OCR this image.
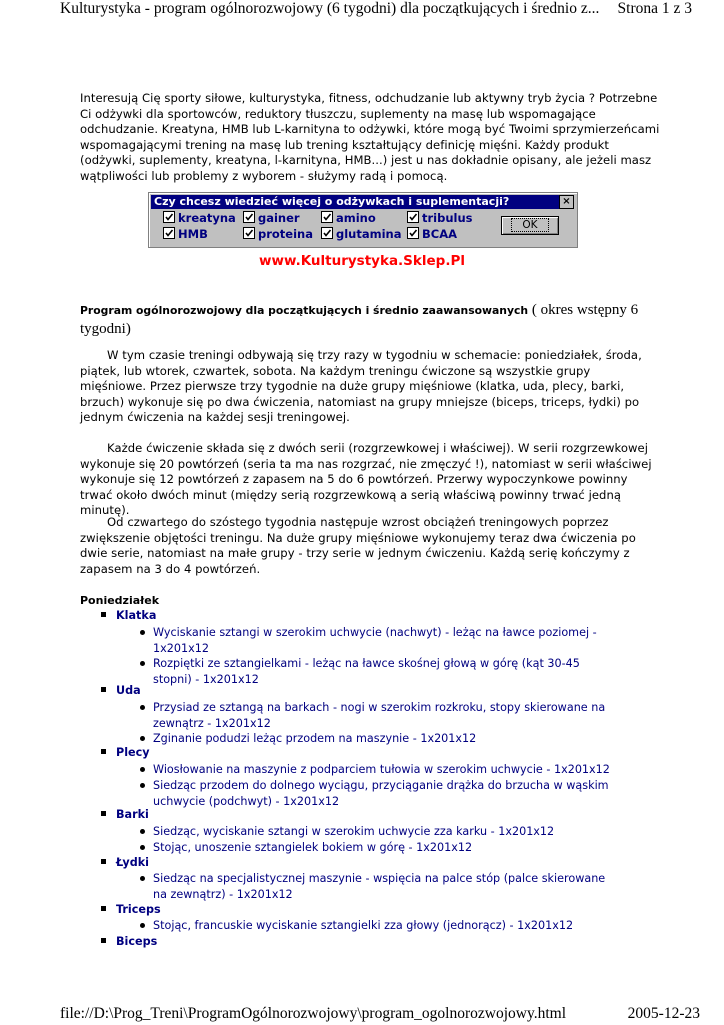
Kulturystyka - program ogólnorozwojowy (6 tygodni) dla początkujących i średnio z... Strona 1 z 3
Interesują Cię sporty siłowe, kulturystyka, fitness, odchudzanie lub aktywny tryb życia ? Potrzebne Ci odżywki dla sportowców, reduktory tłuszczu, suplementy na masę lub wspomagające odchudzanie. Kreatyna, HMB lub L-karnityna to odżywki, które mogą być Twoimi sprzymierzeńcami wspomagającymi trening na masę lub trening kształtujący definicję mięśni. Każdy produkt (odżywki, suplementy, kreatyna, l-karnityna, HMB...) jest u nas dokładnie opisany, ale jeżeli masz wątpliwości lub problemy z wyborem - służymy radą i pomocą.
Czy chcesz wiedzieć więcej o odżywkach i suplementacji?	×
kreatyna	gainer	amino	tribulus
HMB	proteina	glutamina	BCAA
OK
www.Kulturystyka.Sklep.Pl
Program ogólnorozwojowy dla początkujących i średnio zaawansowanych ( okres wstępny 6 tygodni)
W tym czasie treningi odbywają się trzy razy w tygodniu w schemacie: poniedziałek, środa, piątek, lub wtorek, czwartek, sobota. Na każdym treningu ćwiczone są wszystkie grupy mięśniowe. Przez pierwsze trzy tygodnie na duże grupy mięśniowe (klatka, uda, plecy, barki, brzuch) wykonuje się po dwa ćwiczenia, natomiast na grupy mniejsze (biceps, triceps, łydki) po jednym ćwiczenia na każdej sesji treningowej.
Każde ćwiczenie składa się z dwóch serii (rozgrzewkowej i właściwej). W serii rozgrzewkowej wykonuje się 20 powtórzeń (seria ta ma nas rozgrzać, nie zmęczyć !), natomiast w serii właściwej wykonuje się 12 powtórzeń z zapasem na 5 do 6 powtórzeń. Przerwy wypoczynkowe powinny trwać około dwóch minut (między serią rozgrzewkową a serią właściwą powinny trwać jedną minutę).
Od czwartego do szóstego tygodnia następuje wzrost obciążeń treningowych poprzez zwiększenie objętości treningu. Na duże grupy mięśniowe wykonujemy teraz dwa ćwiczenia po dwie serie, natomiast na małe grupy - trzy serie w jednym ćwiczeniu. Każdą serię kończymy z zapasem na 3 do 4 powtórzeń.
Poniedziałek
Klatka
Wyciskanie sztangi w szerokim uchwycie (nachwyt) - leżąc na ławce poziomej - 1x201x12
Rozpiętki ze sztangielkami - leżąc na ławce skośnej głową w górę (kąt 30-45 stopni) - 1x201x12
Uda
Przysiad ze sztangą na barkach - nogi w szerokim rozkroku, stopy skierowane na zewnątrz - 1x201x12
Zginanie podudzi leżąc przodem na maszynie - 1x201x12
Plecy
Wiosłowanie na maszynie z podparciem tułowia w szerokim uchwycie - 1x201x12
Siedząc przodem do dolnego wyciągu, przyciąganie drążka do brzucha w wąskim uchwycie (podchwyt) - 1x201x12
Barki
Siedząc, wyciskanie sztangi w szerokim uchwycie zza karku - 1x201x12
Stojąc, unoszenie sztangielek bokiem w górę - 1x201x12
Łydki
Siedząc na specjalistycznej maszynie - wspięcia na palce stóp (palce skierowane na zewnątrz) - 1x201x12
Triceps
Stojąc, francuskie wyciskanie sztangielki zza głowy (jednorącz) - 1x201x12
Biceps
file://D:\Prog_Treni\ProgramOgólnorozwojowy\program_ogolnorozwojowy.html	2005-12-23
